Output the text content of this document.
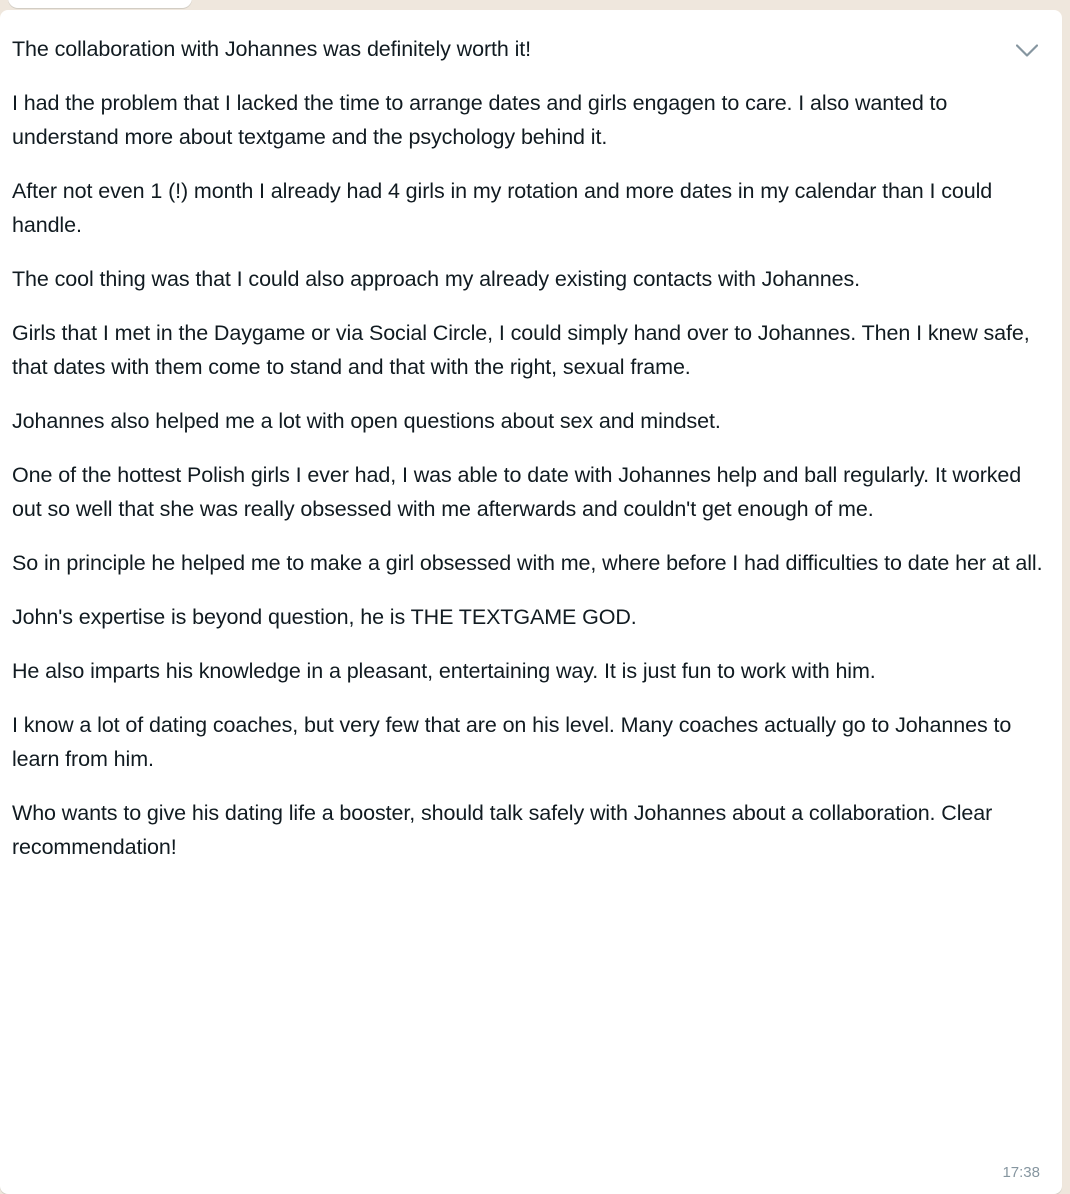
The collaboration with Johannes was definitely worth it!

I had the problem that I lacked the time to arrange dates and girls engagen to care. I also wanted to understand more about textgame and the psychology behind it.

After not even 1 (!) month I already had 4 girls in my rotation and more dates in my calendar than I could handle.

The cool thing was that I could also approach my already existing contacts with Johannes.

Girls that I met in the Daygame or via Social Circle, I could simply hand over to Johannes. Then I knew safe, that dates with them come to stand and that with the right, sexual frame.

Johannes also helped me a lot with open questions about sex and mindset.

One of the hottest Polish girls I ever had, I was able to date with Johannes help and ball regularly. It worked out so well that she was really obsessed with me afterwards and couldn't get enough of me.

So in principle he helped me to make a girl obsessed with me, where before I had difficulties to date her at all.

John's expertise is beyond question, he is THE TEXTGAME GOD.

He also imparts his knowledge in a pleasant, entertaining way. It is just fun to work with him.

I know a lot of dating coaches, but very few that are on his level. Many coaches actually go to Johannes to learn from him.

Who wants to give his dating life a booster, should talk safely with Johannes about a collaboration. Clear recommendation!

17:38
